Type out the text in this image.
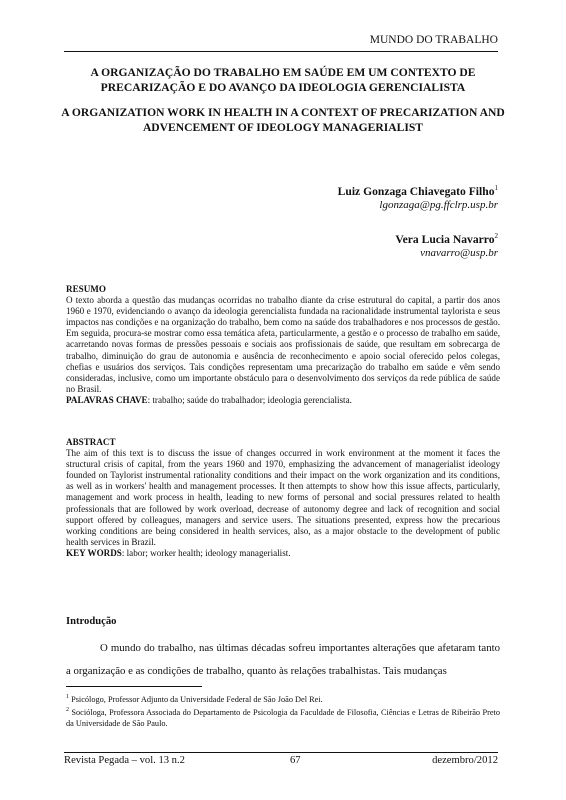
MUNDO DO TRABALHO

A ORGANIZAÇÃO DO TRABALHO EM SAÚDE EM UM CONTEXTO DE PRECARIZAÇÃO E DO AVANÇO DA IDEOLOGIA GERENCIALISTA

A ORGANIZATION WORK IN HEALTH IN A CONTEXT OF PRECARIZATION AND ADVENCEMENT OF IDEOLOGY MANAGERIALIST

Luiz Gonzaga Chiavegato Filho$^1$
lgonzaga@pg.ffclrp.usp.br
Vera Lucia Navarro$^2$
vnavarro@usp.br
RESUMO

O texto aborda a questão das mudanças ocorridas no trabalho diante da crise estrutural do capital, a partir dos anos 1960 e 1970, evidenciando o avanço da ideologia gerencialista fundada na racionalidade instrumental taylorista e seus impactos nas condições e na organização do trabalho, bem como na saúde dos trabalhadores e nos processos de gestão. Em seguida, procura-se mostrar como essa temática afeta, particularmente, a gestão e o processo de trabalho em saúde, acarretando novas formas de pressões pessoais e sociais aos profissionais de saúde, que resultam em sobrecarga de trabalho, diminuição do grau de autonomia e ausência de reconhecimento e apoio social oferecido pelos colegas, chefias e usuários dos serviços. Tais condições representam uma precarização do trabalho em saúde e vêm sendo consideradas, inclusive, como um importante obstáculo para o desenvolvimento dos serviços da rede pública de saúde no Brasil.

PALAVRAS CHAVE: trabalho; saúde do trabalhador; ideologia gerencialista.

ABSTRACT

The aim of this text is to discuss the issue of changes occurred in work environment at the moment it faces the structural crisis of capital, from the years 1960 and 1970, emphasizing the advancement of managerialist ideology founded on Taylorist instrumental rationality conditions and their impact on the work organization and its conditions, as well as in workers' health and management processes. It then attempts to show how this issue affects, particularly, management and work process in health, leading to new forms of personal and social pressures related to health professionals that are followed by work overload, decrease of autonomy degree and lack of recognition and social support offered by colleagues, managers and service users. The situations presented, express how the precarious working conditions are being considered in health services, also, as a major obstacle to the development of public health services in Brazil.

KEY WORDS: labor; worker health; ideology managerialist.

Introdução
O mundo do trabalho, nas últimas décadas sofreu importantes alterações que afetaram tanto a organização e as condições de trabalho, quanto às relações trabalhistas. Tais mudanças

$^1$ Psicólogo, Professor Adjunto da Universidade Federal de São João Del Rei.

$^2$ Socióloga, Professora Associada do Departamento de Psicologia da Faculdade de Filosofia, Ciências e Letras de Ribeirão Preto da Universidade de São Paulo.

Revista Pegada – vol. 13 n.2	67	dezembro/2012
